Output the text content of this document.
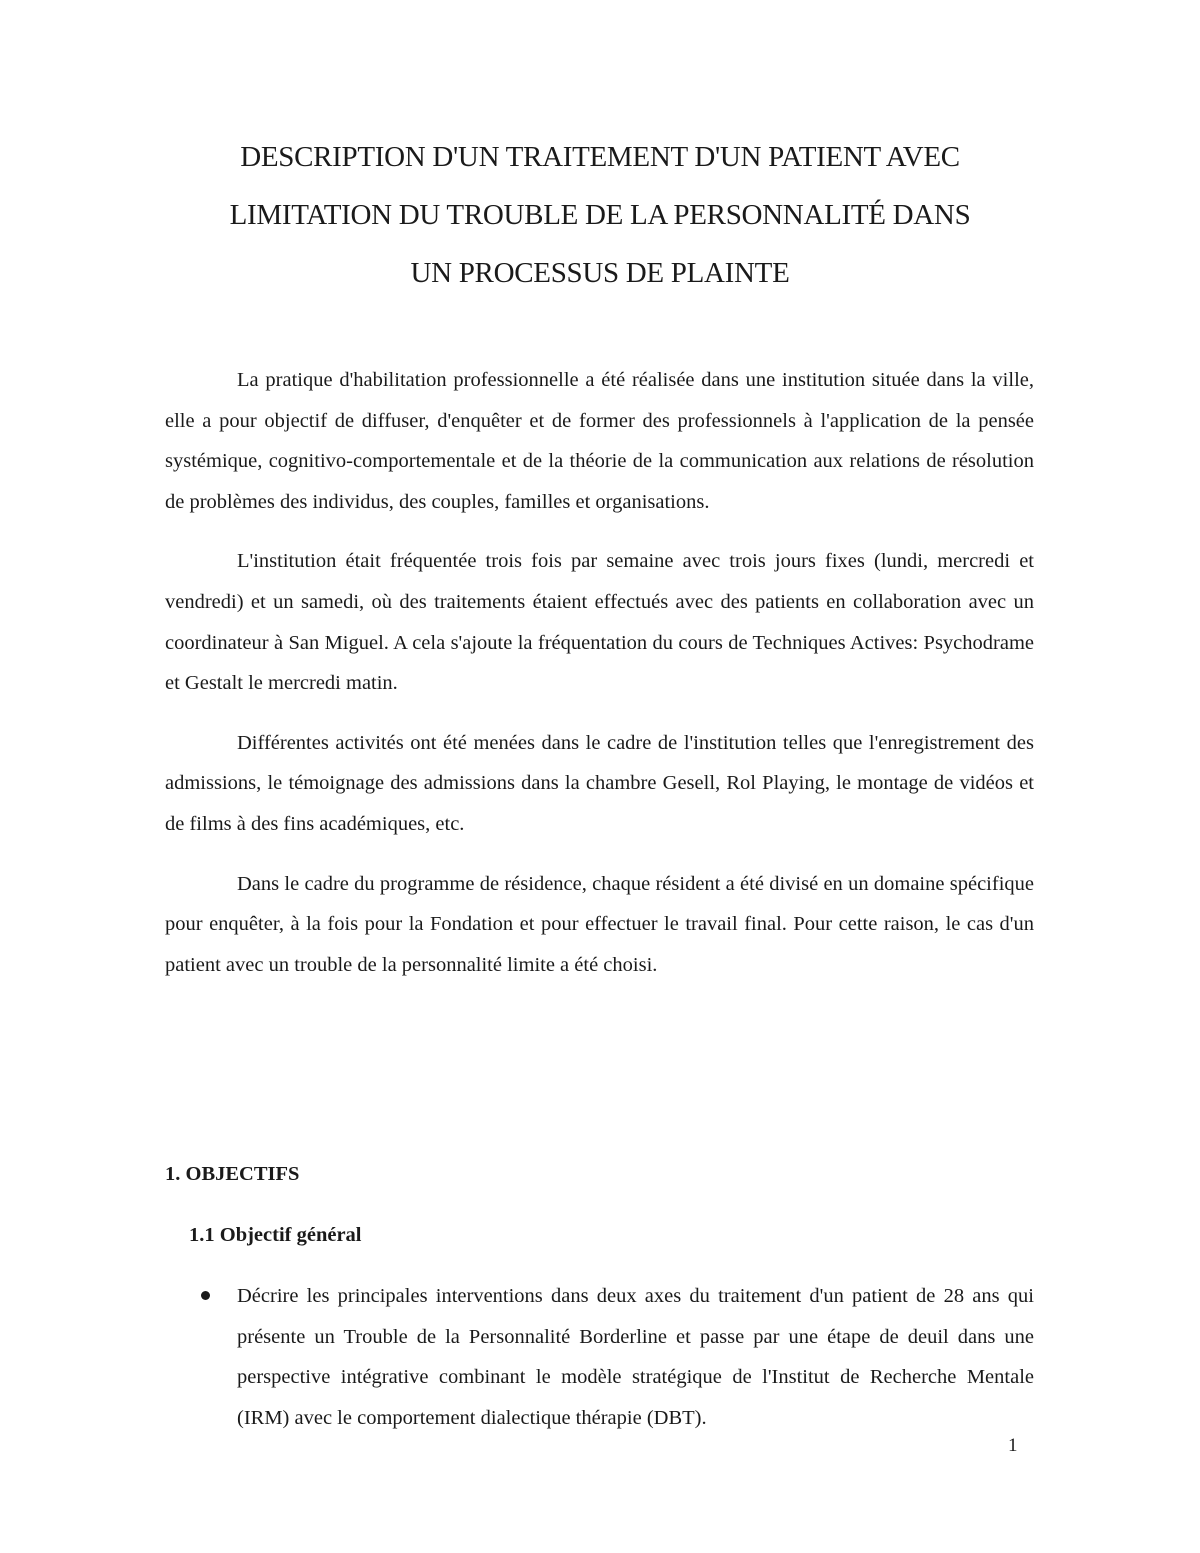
DESCRIPTION D'UN TRAITEMENT D'UN PATIENT AVEC
LIMITATION DU TROUBLE DE LA PERSONNALITÉ DANS
UN PROCESSUS DE PLAINTE

La pratique d'habilitation professionnelle a été réalisée dans une institution située dans la ville, elle a pour objectif de diffuser, d'enquêter et de former des professionnels à l'application de la pensée systémique, cognitivo-comportementale et de la théorie de la communication aux relations de résolution de problèmes des individus, des couples, familles et organisations.

L'institution était fréquentée trois fois par semaine avec trois jours fixes (lundi, mercredi et vendredi) et un samedi, où des traitements étaient effectués avec des patients en collaboration avec un coordinateur à San Miguel. A cela s'ajoute la fréquentation du cours de Techniques Actives: Psychodrame et Gestalt le mercredi matin.

Différentes activités ont été menées dans le cadre de l'institution telles que l'enregistrement des admissions, le témoignage des admissions dans la chambre Gesell, Rol Playing, le montage de vidéos et de films à des fins académiques, etc.

Dans le cadre du programme de résidence, chaque résident a été divisé en un domaine spécifique pour enquêter, à la fois pour la Fondation et pour effectuer le travail final. Pour cette raison, le cas d'un patient avec un trouble de la personnalité limite a été choisi.

1. OBJECTIFS
1.1 Objectif général
Décrire les principales interventions dans deux axes du traitement d'un patient de 28 ans qui présente un Trouble de la Personnalité Borderline et passe par une étape de deuil dans une perspective intégrative combinant le modèle stratégique de l'Institut de Recherche Mentale (IRM) avec le comportement dialectique thérapie (DBT).
1
